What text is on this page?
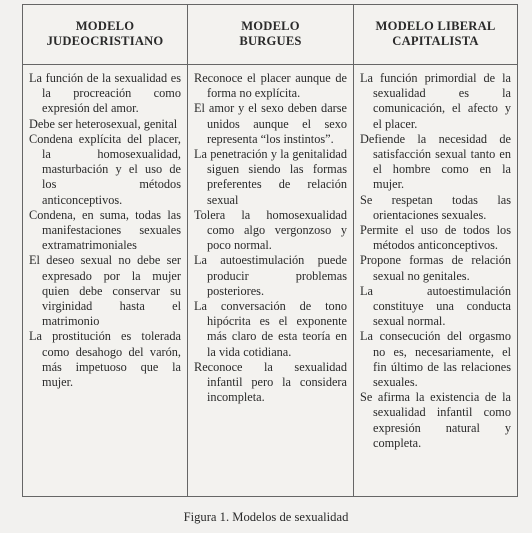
MODELO
JUDEOCRISTIANO
MODELO
BURGUES
MODELO LIBERAL
CAPITALISTA

La función de la sexualidad es la procreación como expresión del amor.

Debe ser heterosexual, genital

Condena explícita del placer, la homosexualidad, masturbación y el uso de los métodos anticonceptivos.

Condena, en suma, todas las manifestaciones sexuales extramatrimoniales

El deseo sexual no debe ser expresado por la mujer quien debe conservar su virginidad hasta el matrimonio

La prostitución es tolerada como desahogo del varón, más impetuoso que la mujer.

Reconoce el placer aunque de forma no explícita.

El amor y el sexo deben darse unidos aunque el sexo representa “los instintos”.

La penetración y la genitalidad siguen siendo las formas preferentes de relación sexual

Tolera la homosexualidad como algo vergonzoso y poco normal.

La autoestimulación puede producir problemas posteriores.

La conversación de tono hipócrita es el exponente más claro de esta teoría en la vida cotidiana.

Reconoce la sexualidad infantil pero la considera incompleta.

La función primordial de la sexualidad es la comunicación, el afecto y el placer.

Defiende la necesidad de satisfacción sexual tanto en el hombre como en la mujer.

Se respetan todas las orientaciones sexuales.

Permite el uso de todos los métodos anticonceptivos.

Propone formas de relación sexual no genitales.

La autoestimulación constituye una conducta sexual normal.

La consecución del orgasmo no es, necesariamente, el fin último de las relaciones sexuales.

Se afirma la existencia de la sexualidad infantil como expresión natural y completa.

Figura 1. Modelos de sexualidad
